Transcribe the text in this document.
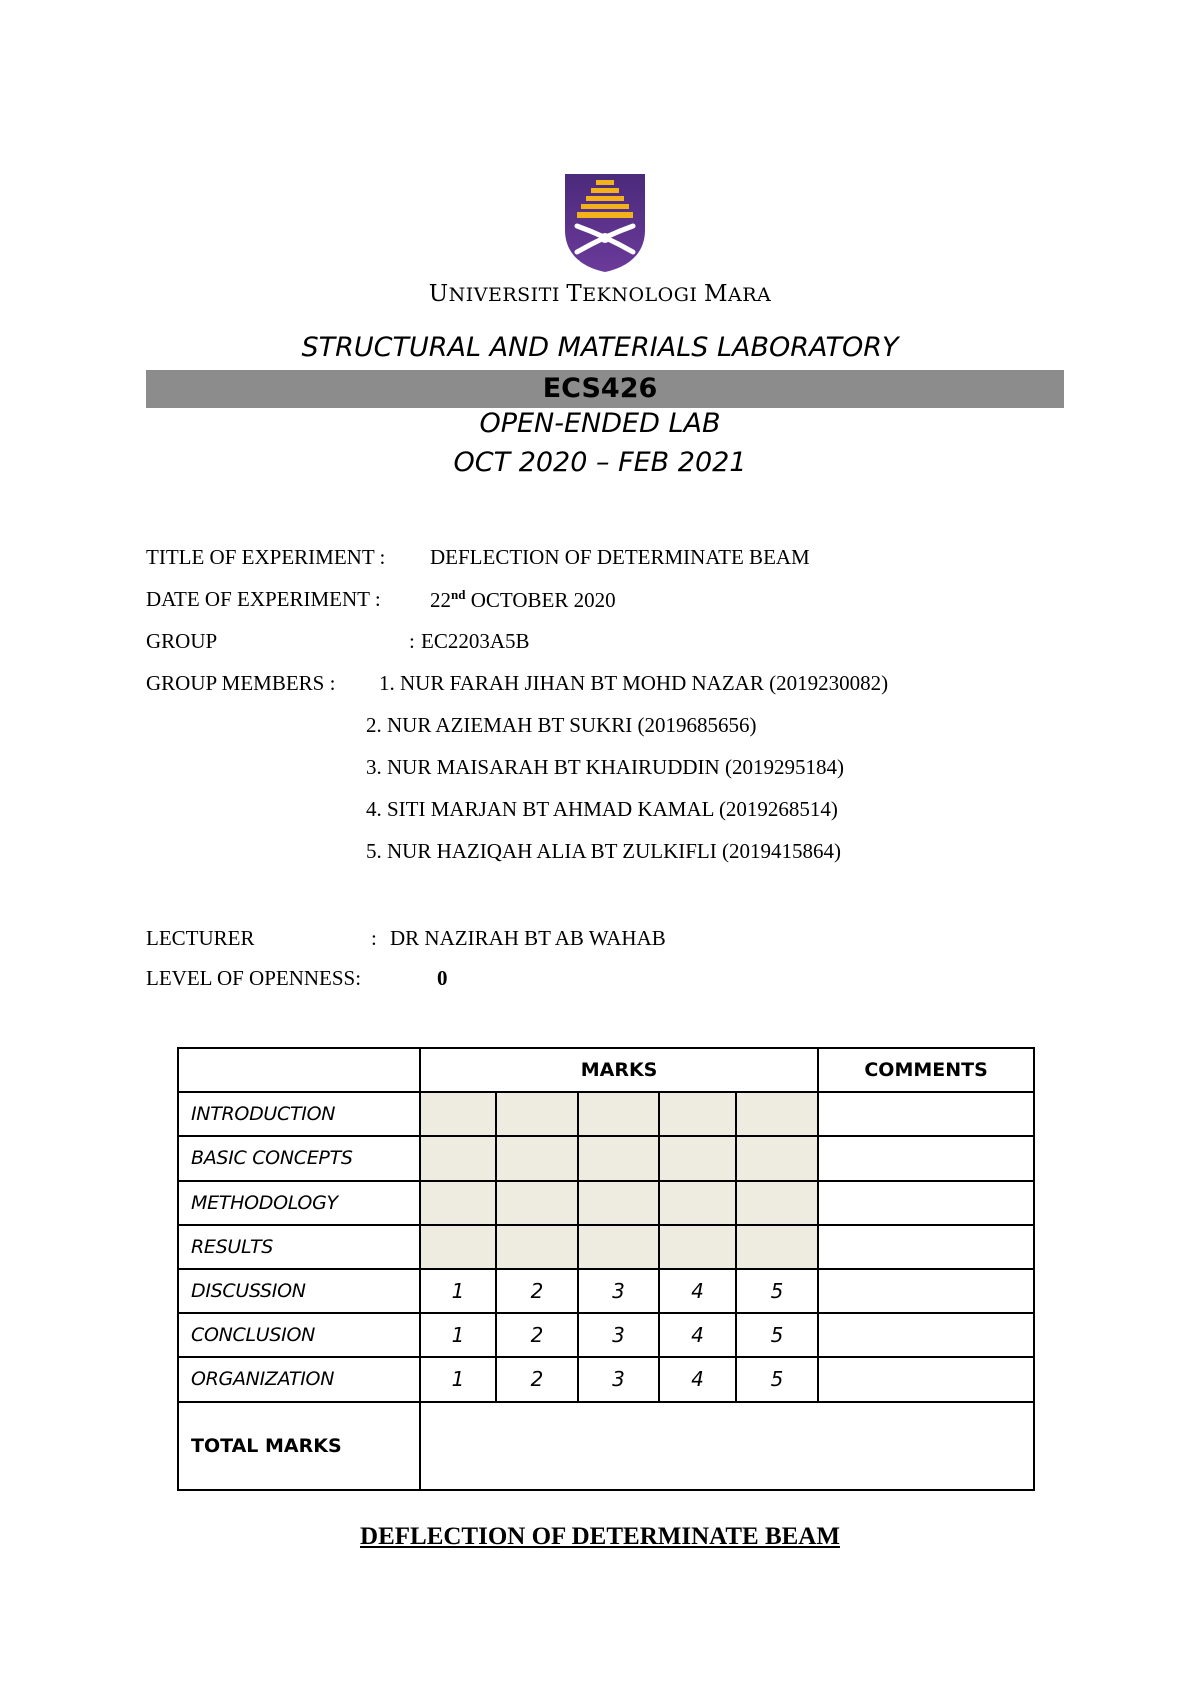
UNIVERSITI TEKNOLOGI MARA
STRUCTURAL AND MATERIALS LABORATORY
ECS426
OPEN-ENDED LAB
OCT 2020 – FEB 2021
TITLE OF EXPERIMENT : DEFLECTION OF DETERMINATE BEAM
DATE OF EXPERIMENT : 22nd OCTOBER 2020
GROUP	: EC2203A5B
GROUP MEMBERS : 1. NUR FARAH JIHAN BT MOHD NAZAR (2019230082)
2. NUR AZIEMAH BT SUKRI (2019685656)
3. NUR MAISARAH BT KHAIRUDDIN (2019295184)
4. SITI MARJAN BT AHMAD KAMAL (2019268514)
5. NUR HAZIQAH ALIA BT ZULKIFLI (2019415864)
LECTURER	: DR NAZIRAH BT AB WAHAB
LEVEL OF OPENNESS:	0
	MARKS					COMMENTS
INTRODUCTION						
BASIC CONCEPTS						
METHODOLOGY						
RESULTS						
DISCUSSION	1	2	3	4	5	
CONCLUSION	1	2	3	4	5	
ORGANIZATION	1	2	3	4	5	
TOTAL MARKS						
DEFLECTION OF DETERMINATE BEAM
